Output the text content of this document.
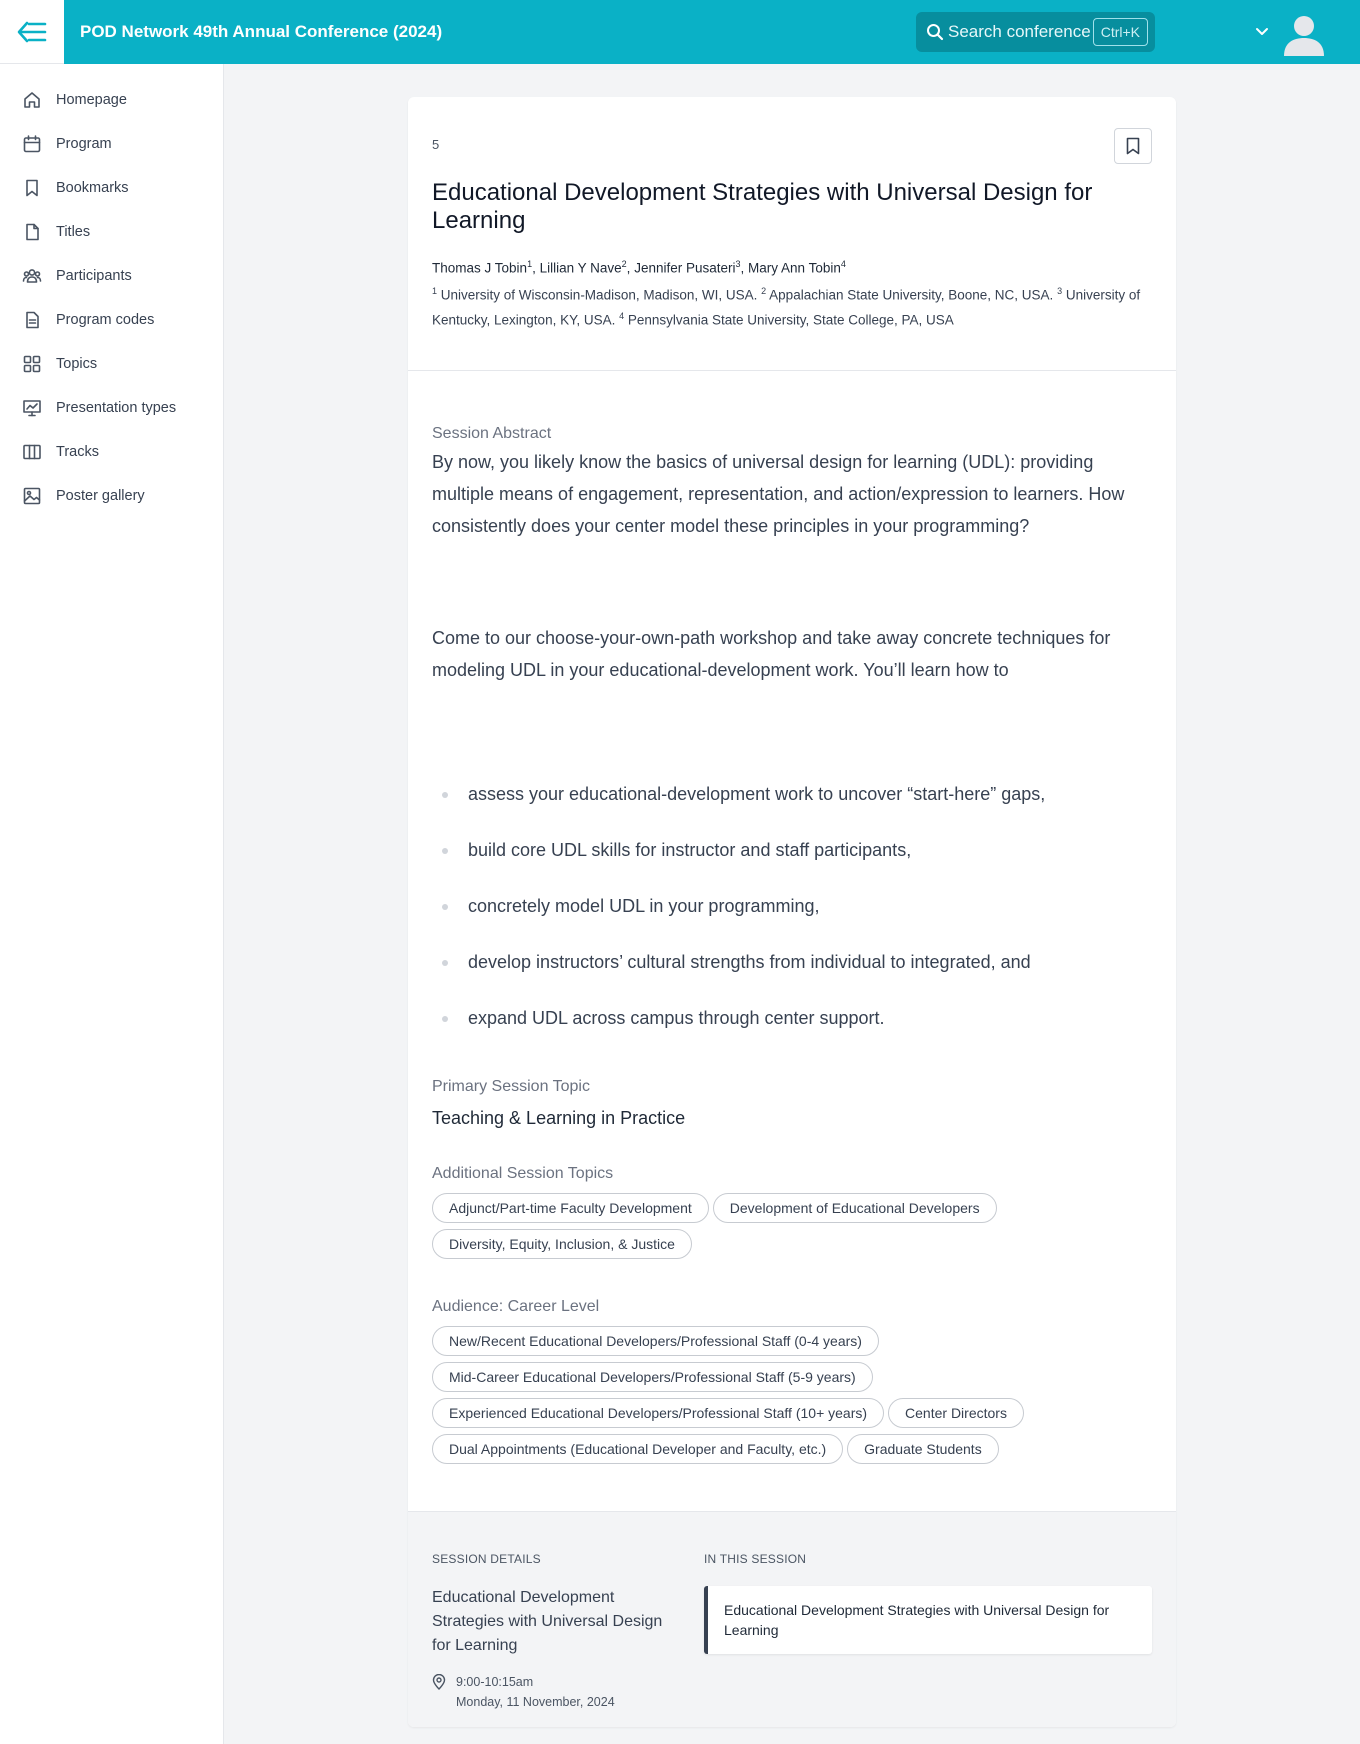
POD Network 49th Annual Conference (2024)
Search conference	Ctrl+K
Homepage
Program
Bookmarks
Titles
Participants
Program codes
Topics
Presentation types
Tracks
Poster gallery
5
Educational Development Strategies with Universal Design for Learning
Thomas J Tobin$^1$, Lillian Y Nave$^2$, Jennifer Pusateri$^3$, Mary Ann Tobin$^4$
$^1$ University of Wisconsin-Madison, Madison, WI, USA. $^2$ Appalachian State University, Boone, NC, USA. $^3$ University of Kentucky, Lexington, KY, USA. $^4$ Pennsylvania State University, State College, PA, USA
Session Abstract

By now, you likely know the basics of universal design for learning (UDL): providing multiple means of engagement, representation, and action/expression to learners. How consistently does your center model these principles in your programming?

Come to our choose-your-own-path workshop and take away concrete techniques for modeling UDL in your educational-development work. You’ll learn how to

assess your educational-development work to uncover “start-here” gaps,
build core UDL skills for instructor and staff participants,
concretely model UDL in your programming,
develop instructors’ cultural strengths from individual to integrated, and
expand UDL across campus through center support.
Primary Session Topic
Teaching & Learning in Practice
Additional Session Topics
Adjunct/Part-time Faculty Development	Development of Educational Developers
Diversity, Equity, Inclusion, & Justice
Audience: Career Level
New/Recent Educational Developers/Professional Staff (0-4 years)
Mid-Career Educational Developers/Professional Staff (5-9 years)
Experienced Educational Developers/Professional Staff (10+ years)	Center Directors
Dual Appointments (Educational Developer and Faculty, etc.)	Graduate Students
SESSION DETAILS
Educational Development Strategies with Universal Design for Learning
9:00-10:15am
Monday, 11 November, 2024
IN THIS SESSION
Educational Development Strategies with Universal Design for Learning
